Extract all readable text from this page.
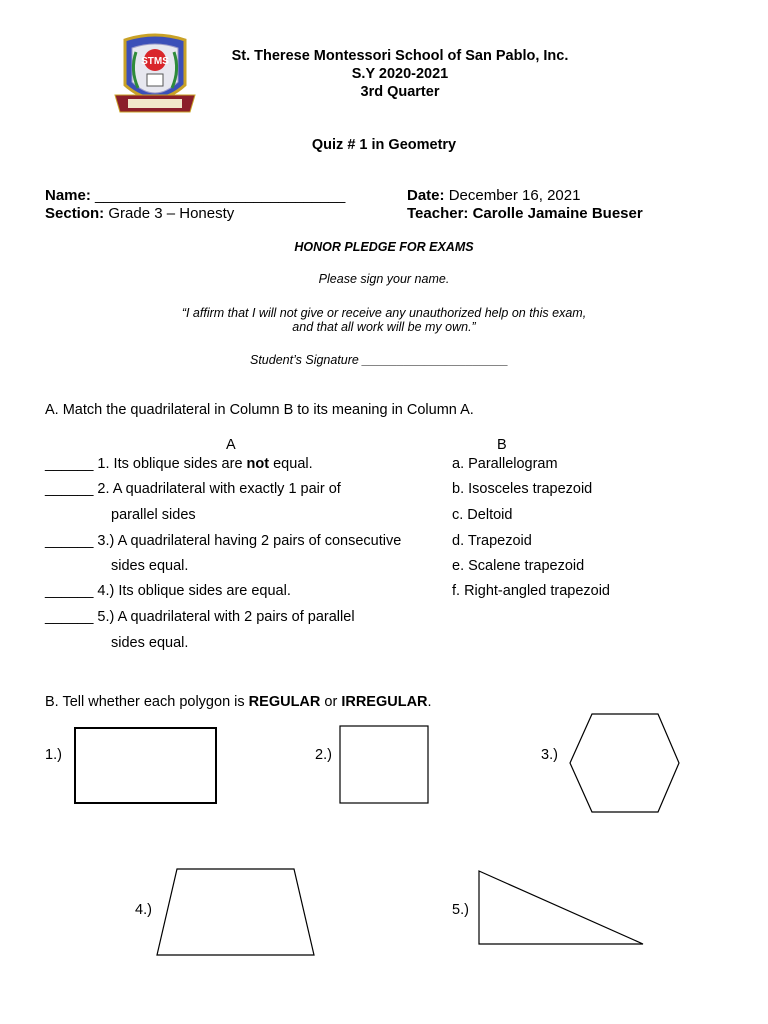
STMS	St. Therese Montessori School of San Pablo, Inc.
S.Y 2020-2021
3rd Quarter
Quiz # 1 in Geometry
Name: ______________________________
Section: Grade 3 – Honesty
Date: December 16, 2021
Teacher: Carolle Jamaine Bueser
HONOR PLEDGE FOR EXAMS
Please sign your name.
“I affirm that I will not give or receive any unauthorized help on this exam,
and that all work will be my own.”
Student’s Signature _____________________
A. Match the quadrilateral in Column B to its meaning in Column A.
A	B
______ 1. Its oblique sides are not equal.
______ 2. A quadrilateral with exactly 1 pair of
parallel sides
______ 3.) A quadrilateral having 2 pairs of consecutive
sides equal.
______ 4.) Its oblique sides are equal.
______ 5.) A quadrilateral with 2 pairs of parallel
sides equal.
a. Parallelogram
b. Isosceles trapezoid
c. Deltoid
d. Trapezoid
e. Scalene trapezoid
f. Right-angled trapezoid
B. Tell whether each polygon is REGULAR or IRREGULAR.
1.)	2.)	3.)
4.)	5.)
